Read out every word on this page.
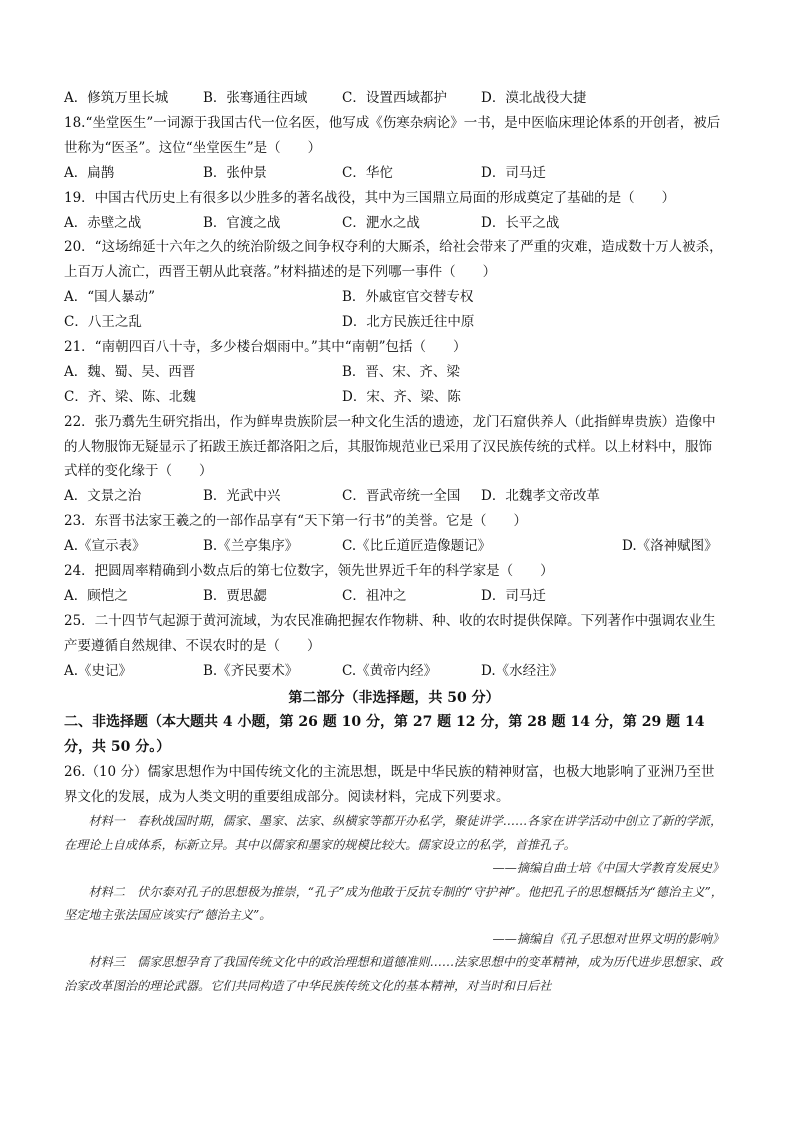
A．修筑万里长城	B．张骞通往西域	C．设置西域都护	D．漠北战役大捷
18.“坐堂医生”一词源于我国古代一位名医，他写成《伤寒杂病论》一书，是中医临床理论体系的开创者，被后世称为“医圣”。这位“坐堂医生”是（　　）
A．扁鹊	B．张仲景	C．华佗	D．司马迁
19．中国古代历史上有很多以少胜多的著名战役，其中为三国鼎立局面的形成奠定了基础的是（　　）
A．赤壁之战	B．官渡之战	C．淝水之战	D．长平之战
20．“这场绵延十六年之久的统治阶级之间争权夺利的大厮杀，给社会带来了严重的灾难，造成数十万人被杀，上百万人流亡，西晋王朝从此衰落。”材料描述的是下列哪一事件（　　）
A．“国人暴动”	B．外戚宦官交替专权
C．八王之乱	D．北方民族迁往中原
21．“南朝四百八十寺，多少楼台烟雨中。”其中“南朝”包括（　　）
A．魏、蜀、吴、西晋	B．晋、宋、齐、梁
C．齐、梁、陈、北魏	D．宋、齐、梁、陈
22．张乃翥先生研究指出，作为鲜卑贵族阶层一种文化生活的遗迹，龙门石窟供养人（此指鲜卑贵族）造像中的人物服饰无疑显示了拓跋王族迁都洛阳之后，其服饰规范业已采用了汉民族传统的式样。以上材料中，服饰式样的变化缘于（　　）
A．文景之治	B．光武中兴	C．晋武帝统一全国	D．北魏孝文帝改革
23．东晋书法家王羲之的一部作品享有“天下第一行书”的美誉。它是（　　）
A.《宣示表》	B.《兰亭集序》	C.《比丘道匠造像题记》	D.《洛神赋图》
24．把圆周率精确到小数点后的第七位数字，领先世界近千年的科学家是（　　）
A．顾恺之	B．贾思勰	C．祖冲之	D．司马迁
25．二十四节气起源于黄河流域，为农民准确把握农作物耕、种、收的农时提供保障。下列著作中强调农业生产要遵循自然规律、不误农时的是（　　）
A.《史记》	B.《齐民要术》	C.《黄帝内经》	D.《水经注》
第二部分（非选择题，共 50 分）
二、非选择题（本大题共 4 小题，第 26 题 10 分，第 27 题 12 分，第 28 题 14 分，第 29 题 14 分，共 50 分。）
26.（10 分）儒家思想作为中国传统文化的主流思想，既是中华民族的精神财富，也极大地影响了亚洲乃至世界文化的发展，成为人类文明的重要组成部分。阅读材料，完成下列要求。
材料一　春秋战国时期，儒家、墨家、法家、纵横家等都开办私学，聚徒讲学……各家在讲学活动中创立了新的学派，在理论上自成体系，标新立异。其中以儒家和墨家的规模比较大。儒家设立的私学，首推孔子。
——摘编自曲士培《中国大学教育发展史》
材料二　伏尔泰对孔子的思想极为推崇，“孔子”成为他敢于反抗专制的“守护神”。他把孔子的思想概括为“德治主义”，坚定地主张法国应该实行“德治主义”。
——摘编自《孔子思想对世界文明的影响》
材料三　儒家思想孕育了我国传统文化中的政治理想和道德准则……法家思想中的变革精神，成为历代进步思想家、政治家改革图治的理论武器。它们共同构造了中华民族传统文化的基本精神，对当时和日后社
